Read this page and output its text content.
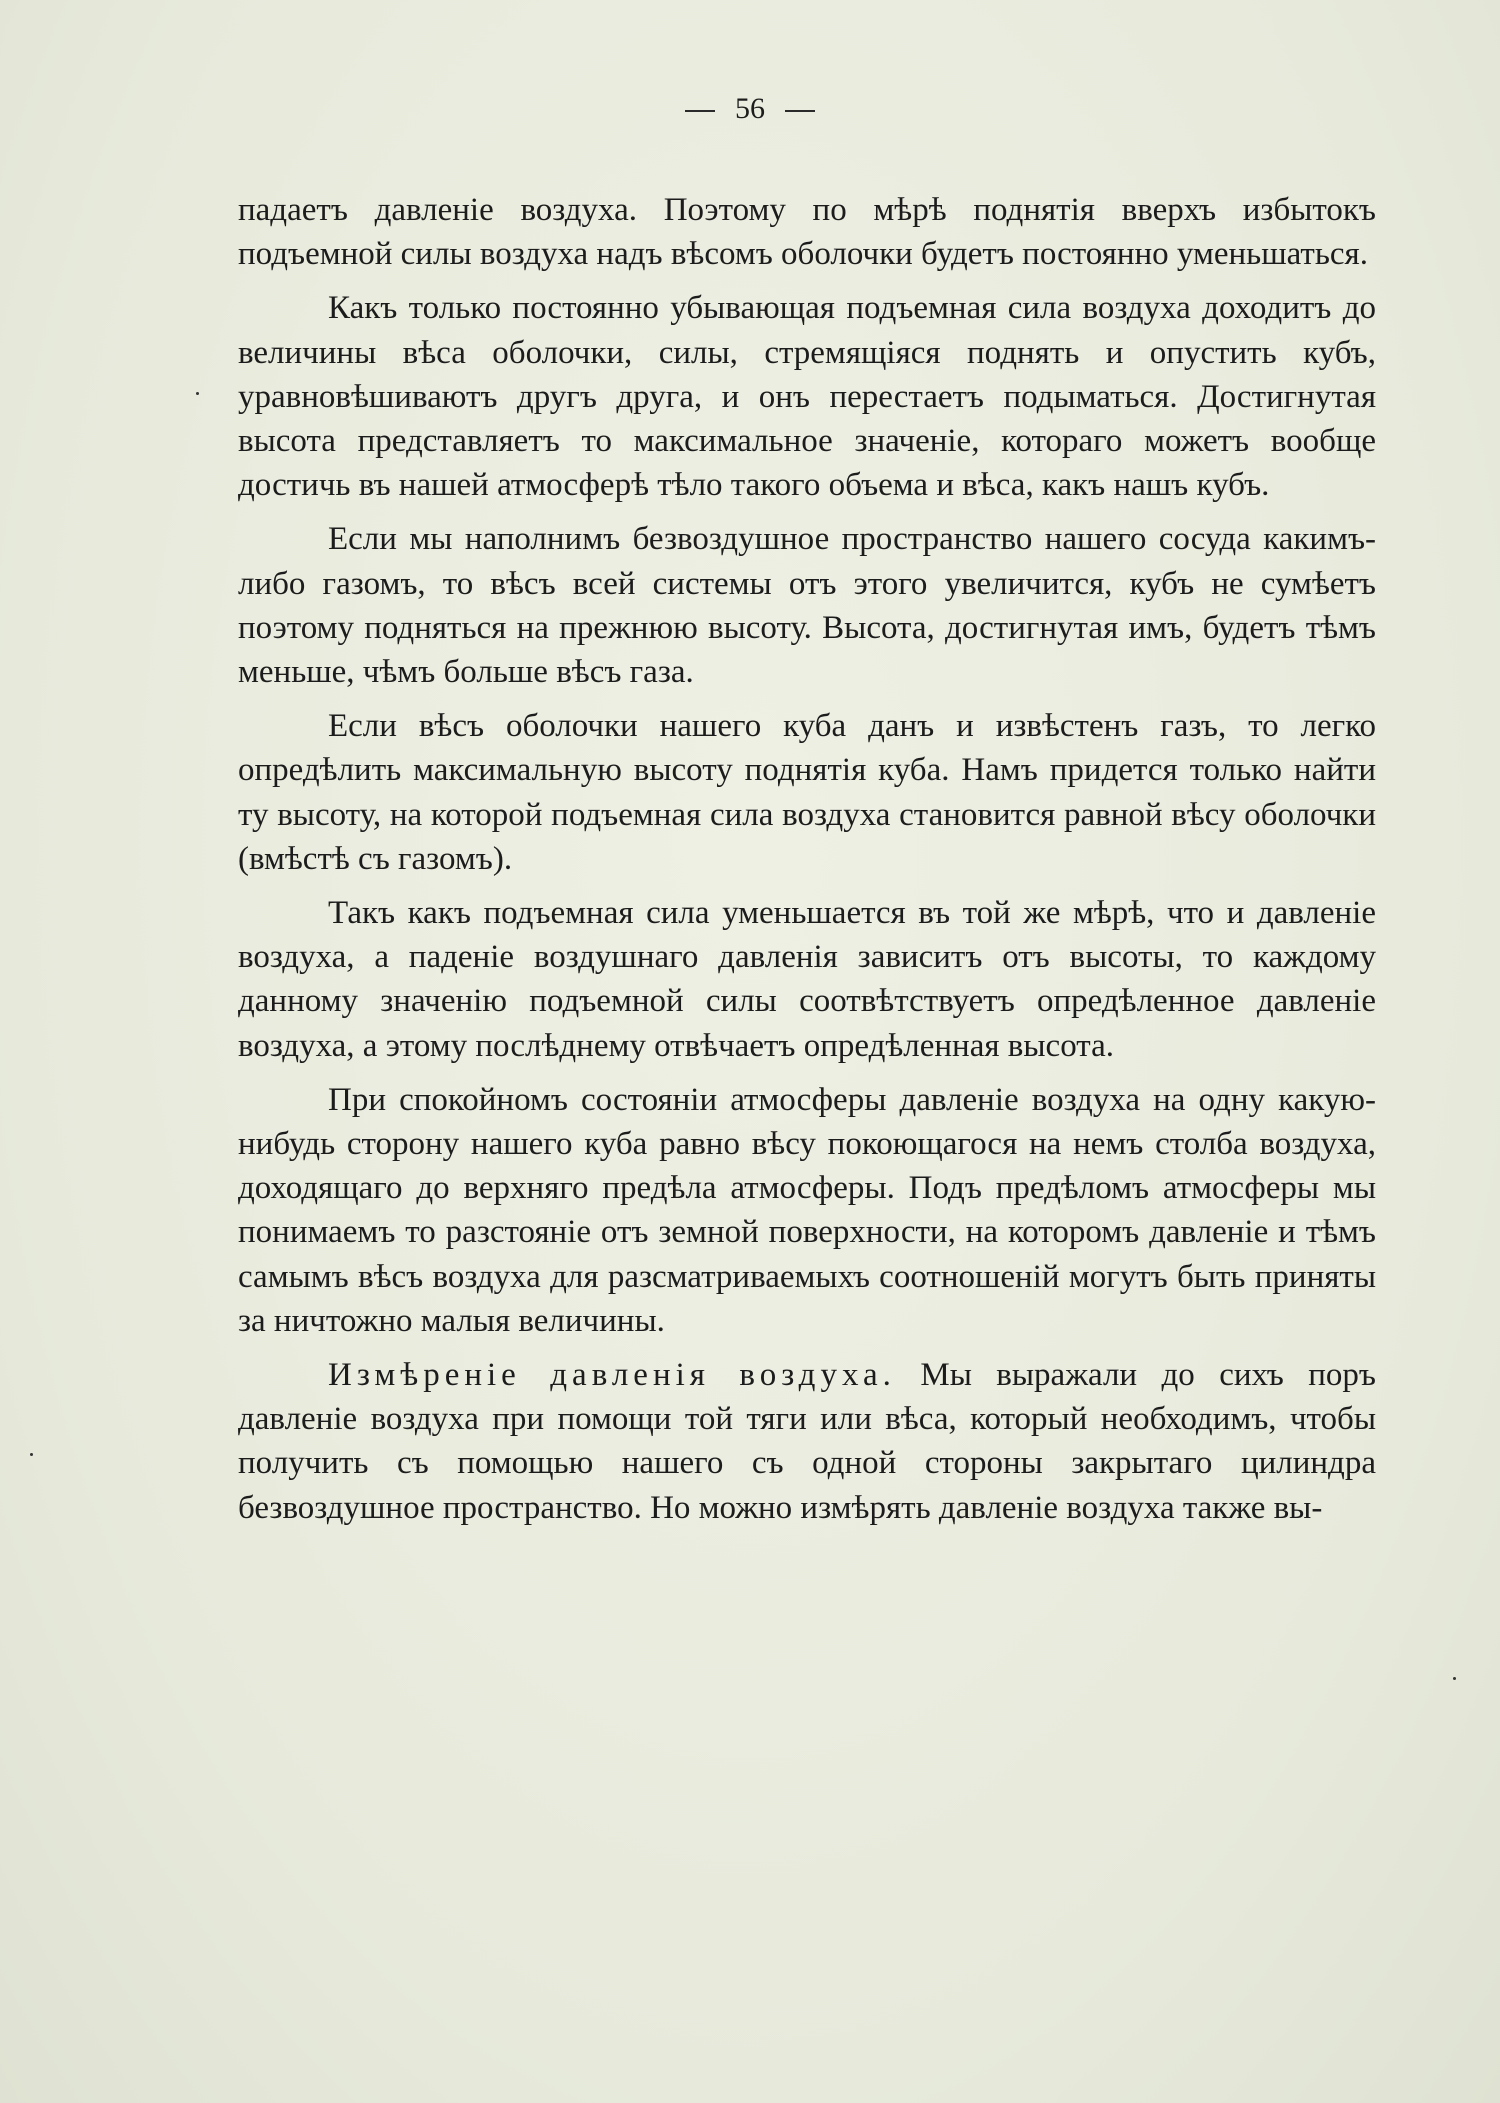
56

падаетъ давленіе воздуха. Поэтому по мѣрѣ поднятія вверхъ избытокъ подъемной силы воздуха надъ вѣсомъ оболочки будетъ постоянно уменьшаться.

Какъ только постоянно убывающая подъемная сила воздуха доходитъ до величины вѣса оболочки, силы, стремящіяся поднять и опустить кубъ, уравновѣшиваютъ другъ друга, и онъ перестаетъ подыматься. Достигнутая высота представляетъ то максимальное значеніе, котораго можетъ вообще достичь въ нашей атмосферѣ тѣло такого объема и вѣса, какъ нашъ кубъ.

Если мы наполнимъ безвоздушное пространство нашего сосуда какимъ-либо газомъ, то вѣсъ всей системы отъ этого увеличится, кубъ не сумѣетъ поэтому подняться на прежнюю высоту. Высота, достигнутая имъ, будетъ тѣмъ меньше, чѣмъ больше вѣсъ газа.

Если вѣсъ оболочки нашего куба данъ и извѣстенъ газъ, то легко опредѣлить максимальную высоту поднятія куба. Намъ придется только найти ту высоту, на которой подъемная сила воздуха становится равной вѣсу оболочки (вмѣстѣ съ газомъ).

Такъ какъ подъемная сила уменьшается въ той же мѣрѣ, что и давленіе воздуха, а паденіе воздушнаго давленія зависитъ отъ высоты, то каждому данному значенію подъемной силы соотвѣтствуетъ опредѣленное давленіе воздуха, а этому послѣднему отвѣчаетъ опредѣленная высота.

При спокойномъ состояніи атмосферы давленіе воздуха на одну какую-нибудь сторону нашего куба равно вѣсу покоющагося на немъ столба воздуха, доходящаго до верхняго предѣла атмосферы. Подъ предѣломъ атмосферы мы понимаемъ то разстояніе отъ земной поверхности, на которомъ давленіе и тѣмъ самымъ вѣсъ воздуха для разсматриваемыхъ соотношеній могутъ быть приняты за ничтожно малыя величины.

Измѣреніе давленія воздуха. Мы выражали до сихъ поръ давленіе воздуха при помощи той тяги или вѣса, который необходимъ, чтобы получить съ помощью нашего съ одной стороны закрытаго цилиндра безвоздушное пространство. Но можно измѣрять давленіе воздуха также вы-
